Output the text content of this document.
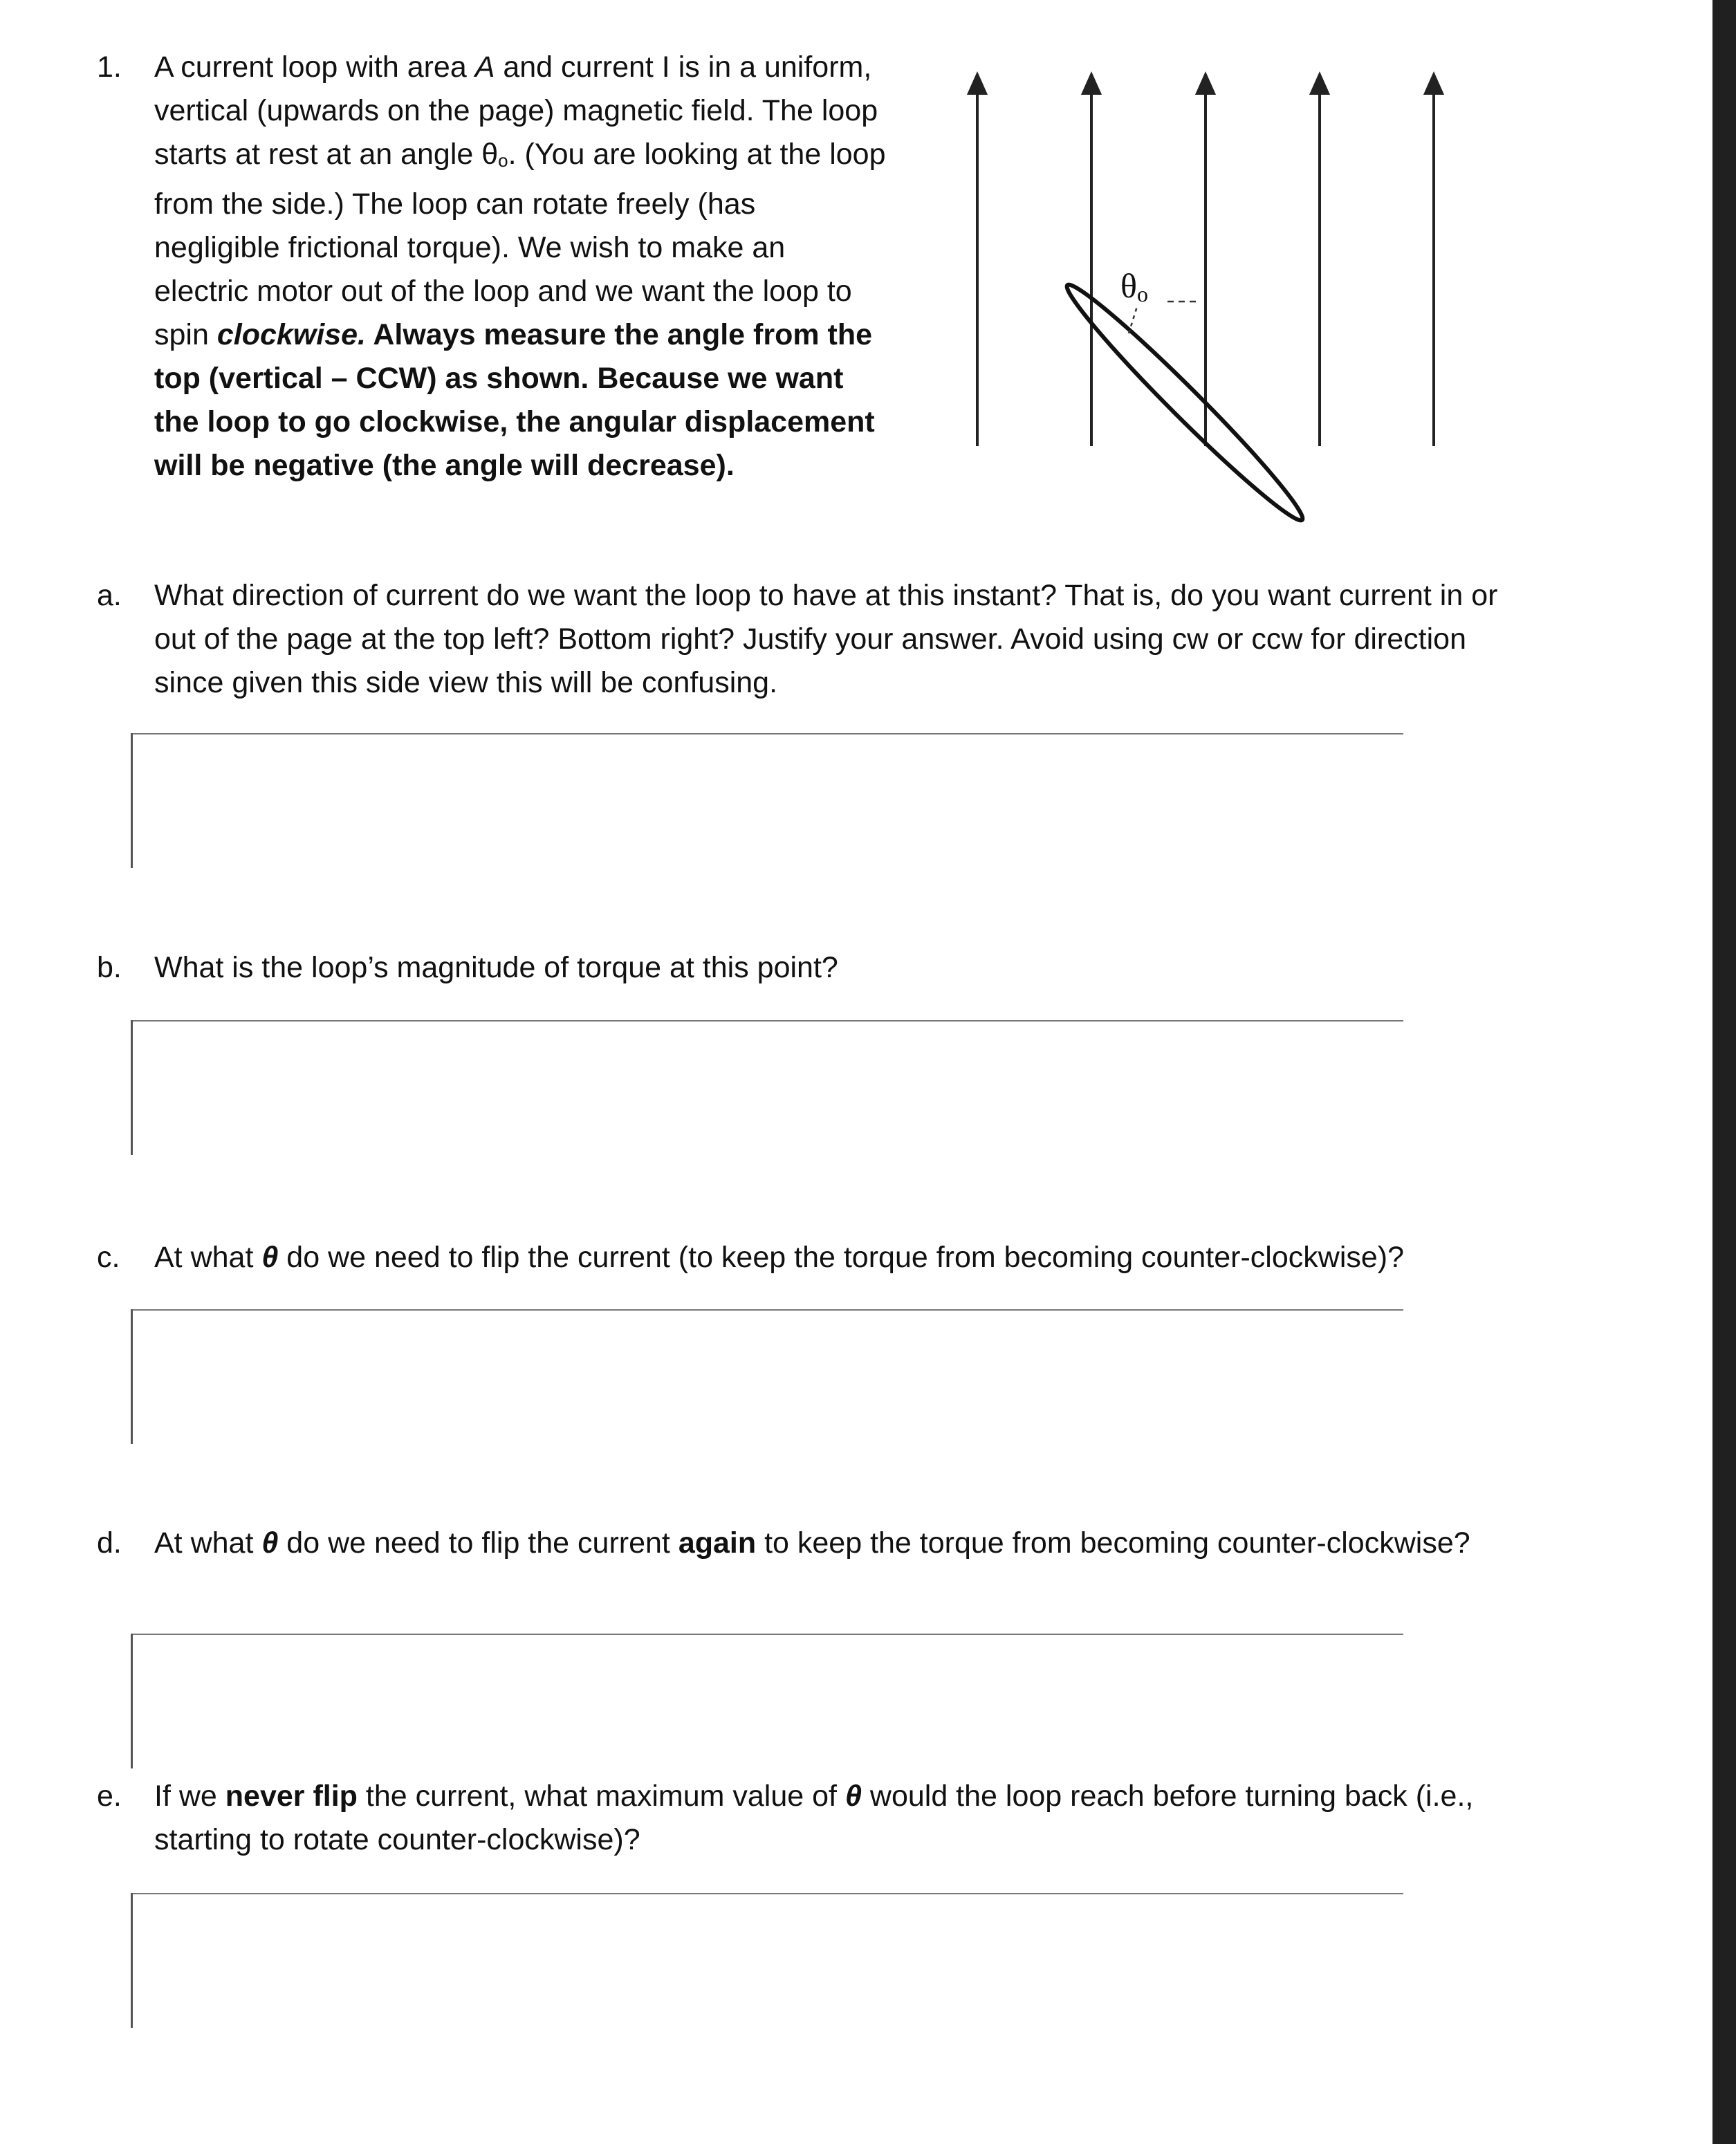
1. A current loop with area A and current I is in a uniform, vertical (upwards on the page) magnetic field. The loop starts at rest at an angle θo. (You are looking at the loop from the side.) The loop can rotate freely (has negligible frictional torque). We wish to make an electric motor out of the loop and we want the loop to spin clockwise. Always measure the angle from the top (vertical – CCW) as shown. Because we want the loop to go clockwise, the angular displacement will be negative (the angle will decrease).

θo
a. What direction of current do we want the loop to have at this instant? That is, do you want current in or out of the page at the top left? Bottom right? Justify your answer. Avoid using cw or ccw for direction since given this side view this will be confusing.
b. What is the loop’s magnitude of torque at this point?
c. At what θ do we need to flip the current (to keep the torque from becoming counter-clockwise)?
d. At what θ do we need to flip the current again to keep the torque from becoming counter-clockwise?
e. If we never flip the current, what maximum value of θ would the loop reach before turning back (i.e., starting to rotate counter-clockwise)?
